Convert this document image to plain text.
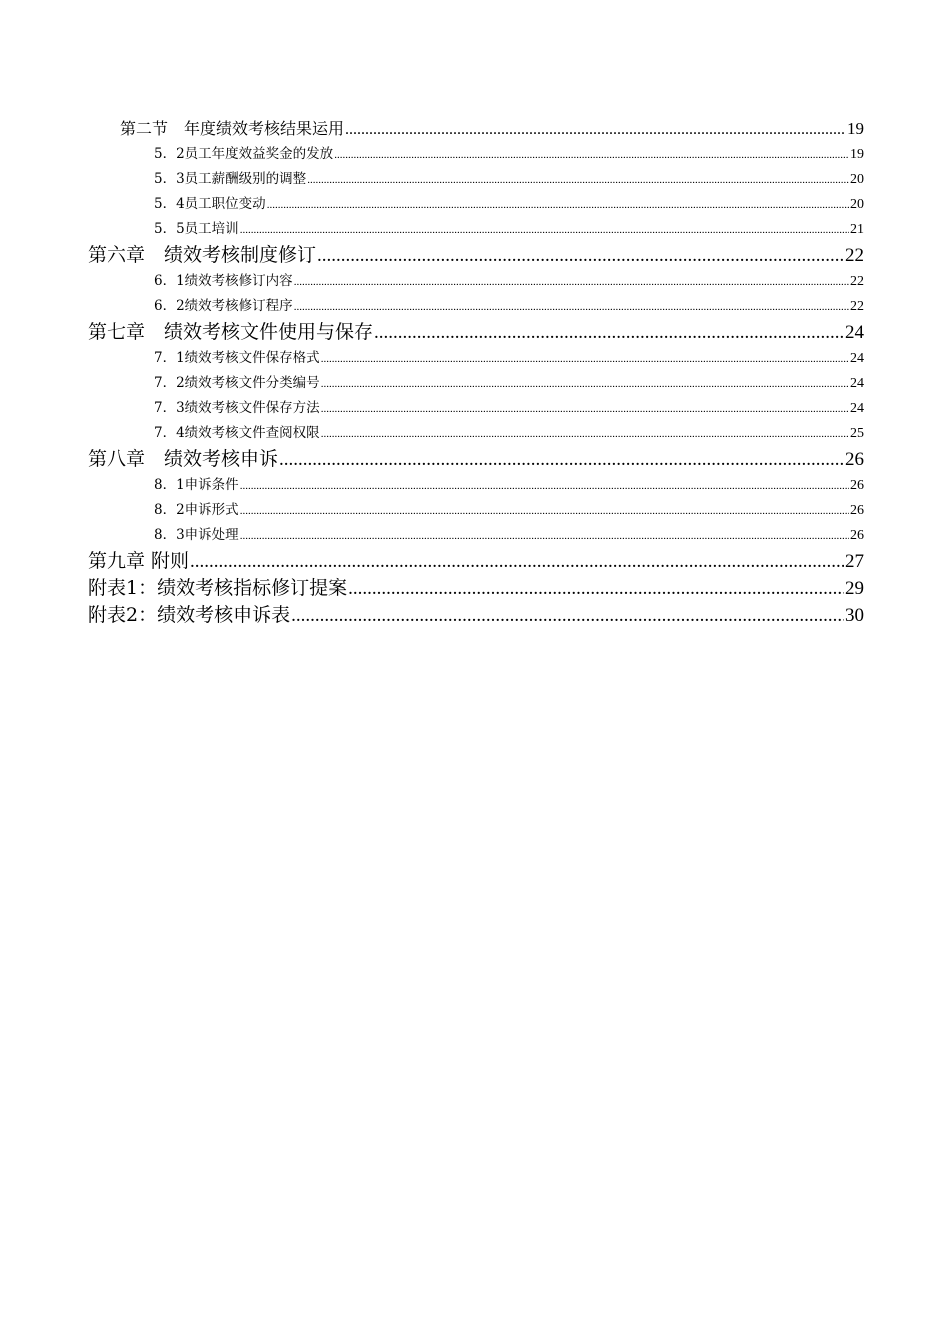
第二节　年度绩效考核结果运用 .....	19
5．2员工年度效益奖金的发放 .....	19
5．3员工薪酬级别的调整 .....	20
5．4员工职位变动 .....	20
5．5员工培训 .....	21
第六章　绩效考核制度修订 .....	22
6．1绩效考核修订内容 .....	22
6．2绩效考核修订程序 .....	22
第七章　绩效考核文件使用与保存 .....	24
7．1绩效考核文件保存格式 .....	24
7．2绩效考核文件分类编号 .....	24
7．3绩效考核文件保存方法 .....	24
7．4绩效考核文件查阅权限 .....	25
第八章　绩效考核申诉 .....	26
8．1申诉条件 .....	26
8．2申诉形式 .....	26
8．3申诉处理 .....	26
第九章 附则 .....	27
附表1：绩效考核指标修订提案 .....	29
附表2：绩效考核申诉表 .....	30
